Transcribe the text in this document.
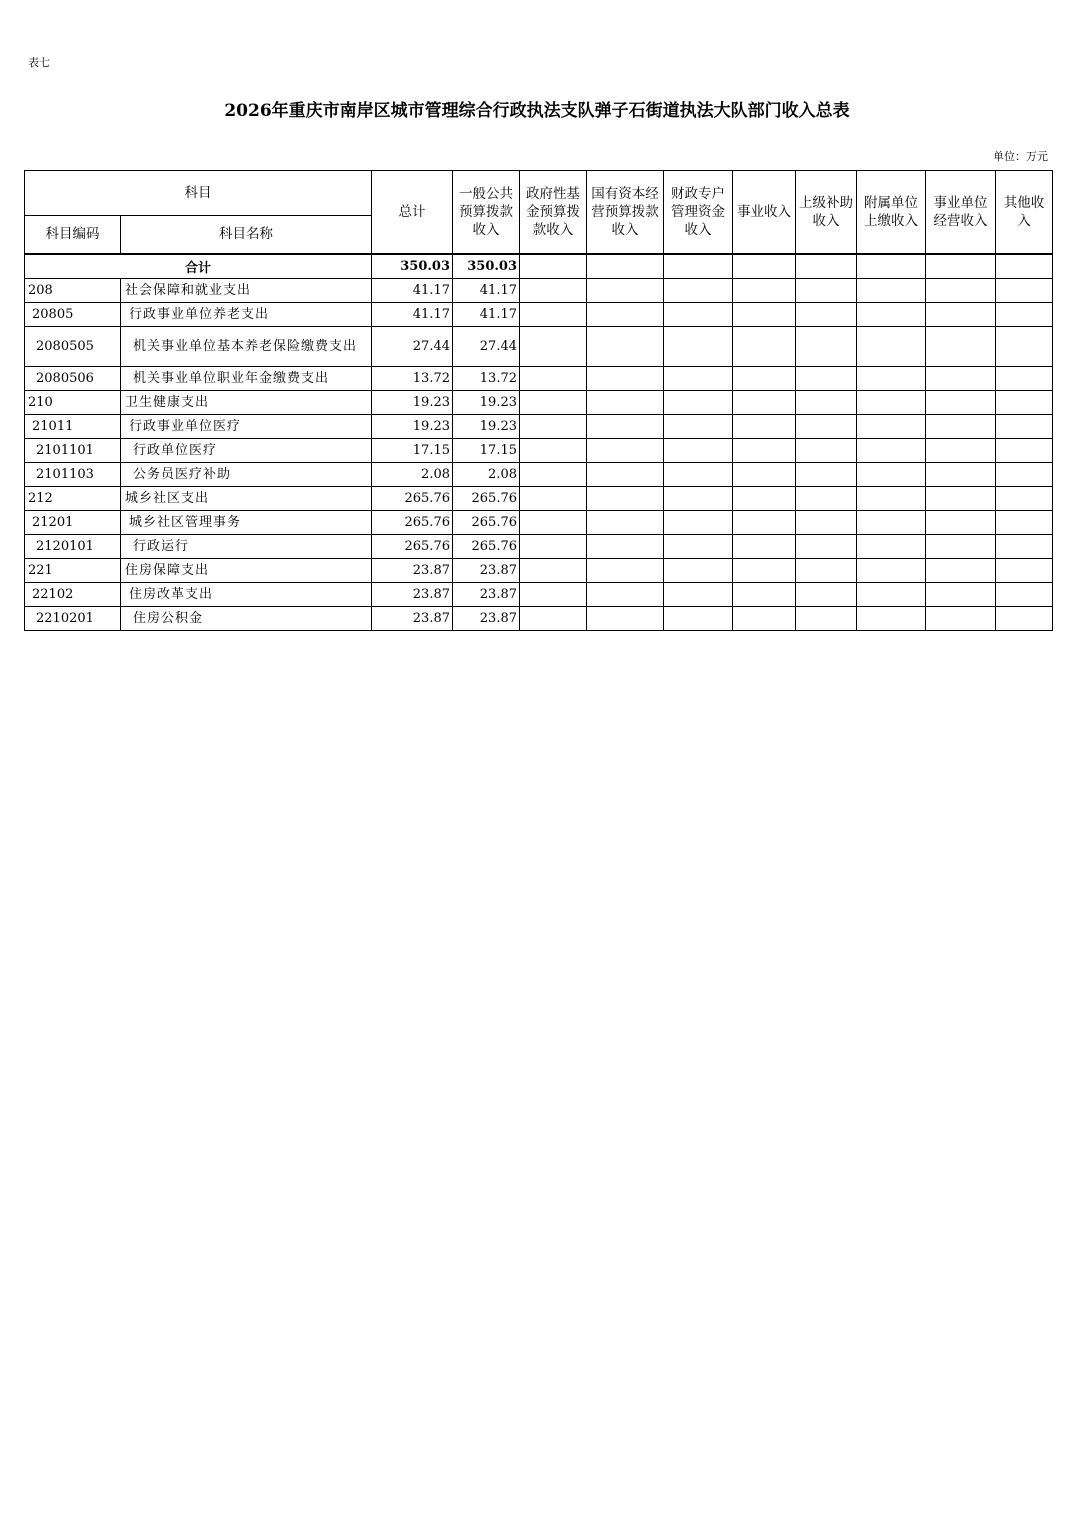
表七
2026年重庆市南岸区城市管理综合行政执法支队弹子石街道执法大队部门收入总表
单位：万元
科目		总计	一般公共预算拨款收入	政府性基金预算拨款收入	国有资本经营预算拨款收入	财政专户管理资金收入	事业收入	上级补助收入	附属单位上缴收入	事业单位经营收入	其他收入
科目编码	科目名称										
合计		350.03	350.03								
208	社会保障和就业支出	41.17	41.17								
20805	行政事业单位养老支出	41.17	41.17								
2080505	机关事业单位基本养老保险缴费支出	27.44	27.44								
2080506	机关事业单位职业年金缴费支出	13.72	13.72								
210	卫生健康支出	19.23	19.23								
21011	行政事业单位医疗	19.23	19.23								
2101101	行政单位医疗	17.15	17.15								
2101103	公务员医疗补助	2.08	2.08								
212	城乡社区支出	265.76	265.76								
21201	城乡社区管理事务	265.76	265.76								
2120101	行政运行	265.76	265.76								
221	住房保障支出	23.87	23.87								
22102	住房改革支出	23.87	23.87								
2210201	住房公积金	23.87	23.87								
